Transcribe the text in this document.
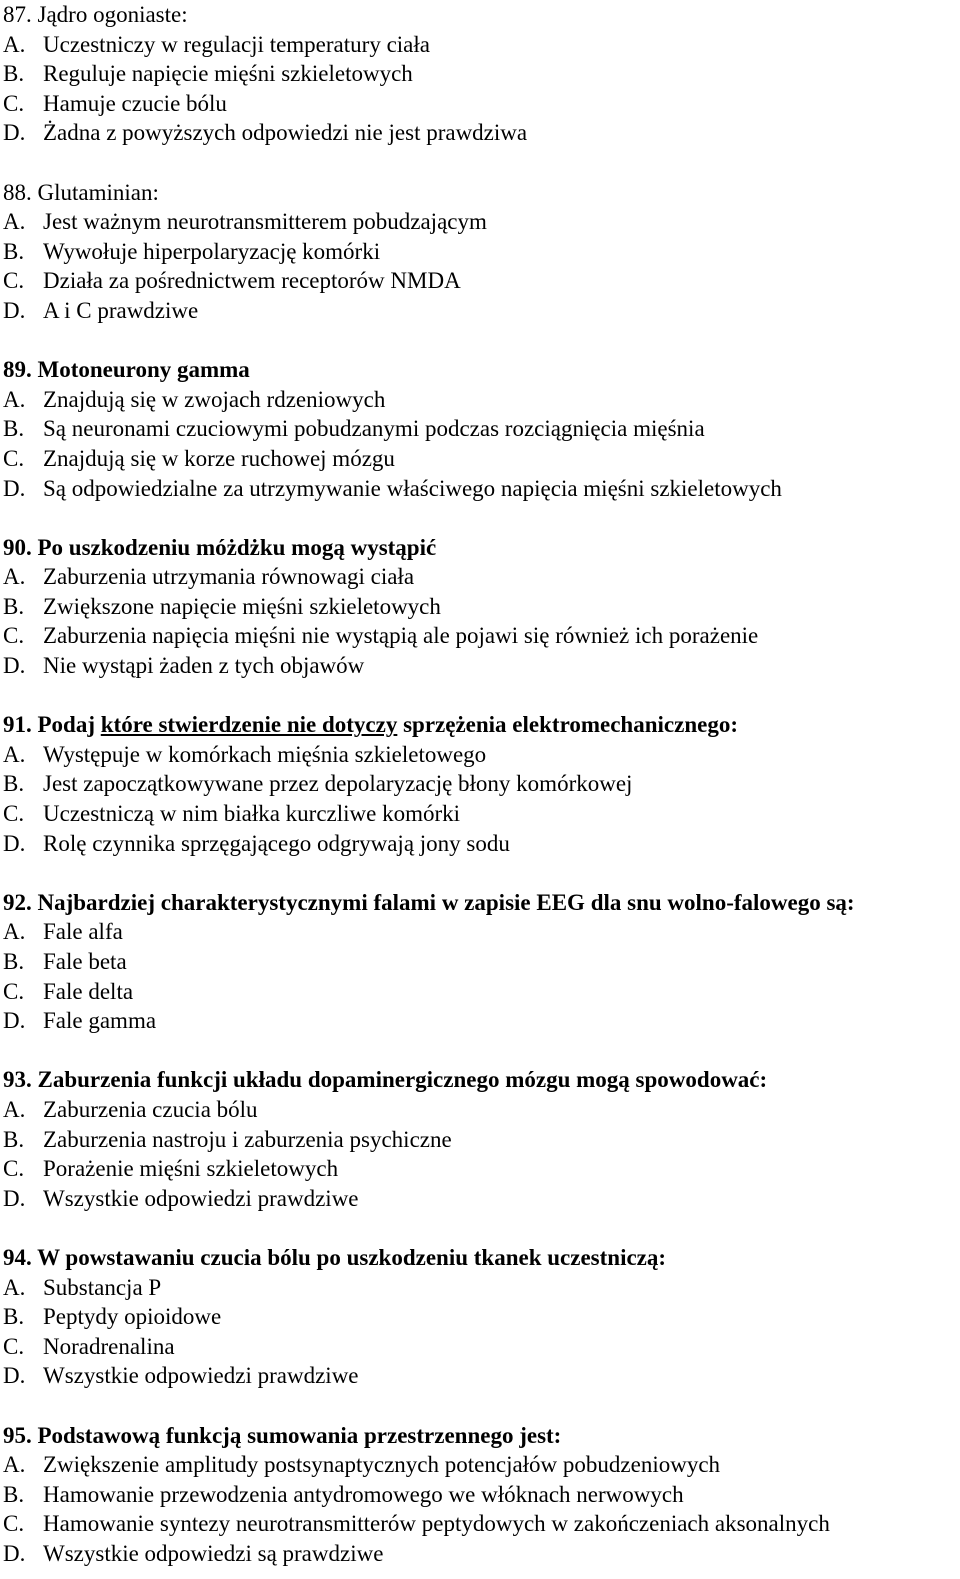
87. Jądro ogoniaste:
A. Uczestniczy w regulacji temperatury ciała
B. Reguluje napięcie mięśni szkieletowych
C. Hamuje czucie bólu
D. Żadna z powyższych odpowiedzi nie jest prawdziwa
88. Glutaminian:
A. Jest ważnym neurotransmitterem pobudzającym
B. Wywołuje hiperpolaryzację komórki
C. Działa za pośrednictwem receptorów NMDA
D. A i C prawdziwe
89. Motoneurony gamma
A. Znajdują się w zwojach rdzeniowych
B. Są neuronami czuciowymi pobudzanymi podczas rozciągnięcia mięśnia
C. Znajdują się w korze ruchowej mózgu
D. Są odpowiedzialne za utrzymywanie właściwego napięcia mięśni szkieletowych
90. Po uszkodzeniu móżdżku mogą wystąpić
A. Zaburzenia utrzymania równowagi ciała
B. Zwiększone napięcie mięśni szkieletowych
C. Zaburzenia napięcia mięśni nie wystąpią ale pojawi się również ich porażenie
D. Nie wystąpi żaden z tych objawów
91. Podaj które stwierdzenie nie dotyczy sprzężenia elektromechanicznego:
A. Występuje w komórkach mięśnia szkieletowego
B. Jest zapoczątkowywane przez depolaryzację błony komórkowej
C. Uczestniczą w nim białka kurczliwe komórki
D. Rolę czynnika sprzęgającego odgrywają jony sodu
92. Najbardziej charakterystycznymi falami w zapisie EEG dla snu wolno-falowego są:
A. Fale alfa
B. Fale beta
C. Fale delta
D. Fale gamma
93. Zaburzenia funkcji układu dopaminergicznego mózgu mogą spowodować:
A. Zaburzenia czucia bólu
B. Zaburzenia nastroju i zaburzenia psychiczne
C. Porażenie mięśni szkieletowych
D. Wszystkie odpowiedzi prawdziwe
94. W powstawaniu czucia bólu po uszkodzeniu tkanek uczestniczą:
A. Substancja P
B. Peptydy opioidowe
C. Noradrenalina
D. Wszystkie odpowiedzi prawdziwe
95. Podstawową funkcją sumowania przestrzennego jest:
A. Zwiększenie amplitudy postsynaptycznych potencjałów pobudzeniowych
B. Hamowanie przewodzenia antydromowego we włóknach nerwowych
C. Hamowanie syntezy neurotransmitterów peptydowych w zakończeniach aksonalnych
D. Wszystkie odpowiedzi są prawdziwe
